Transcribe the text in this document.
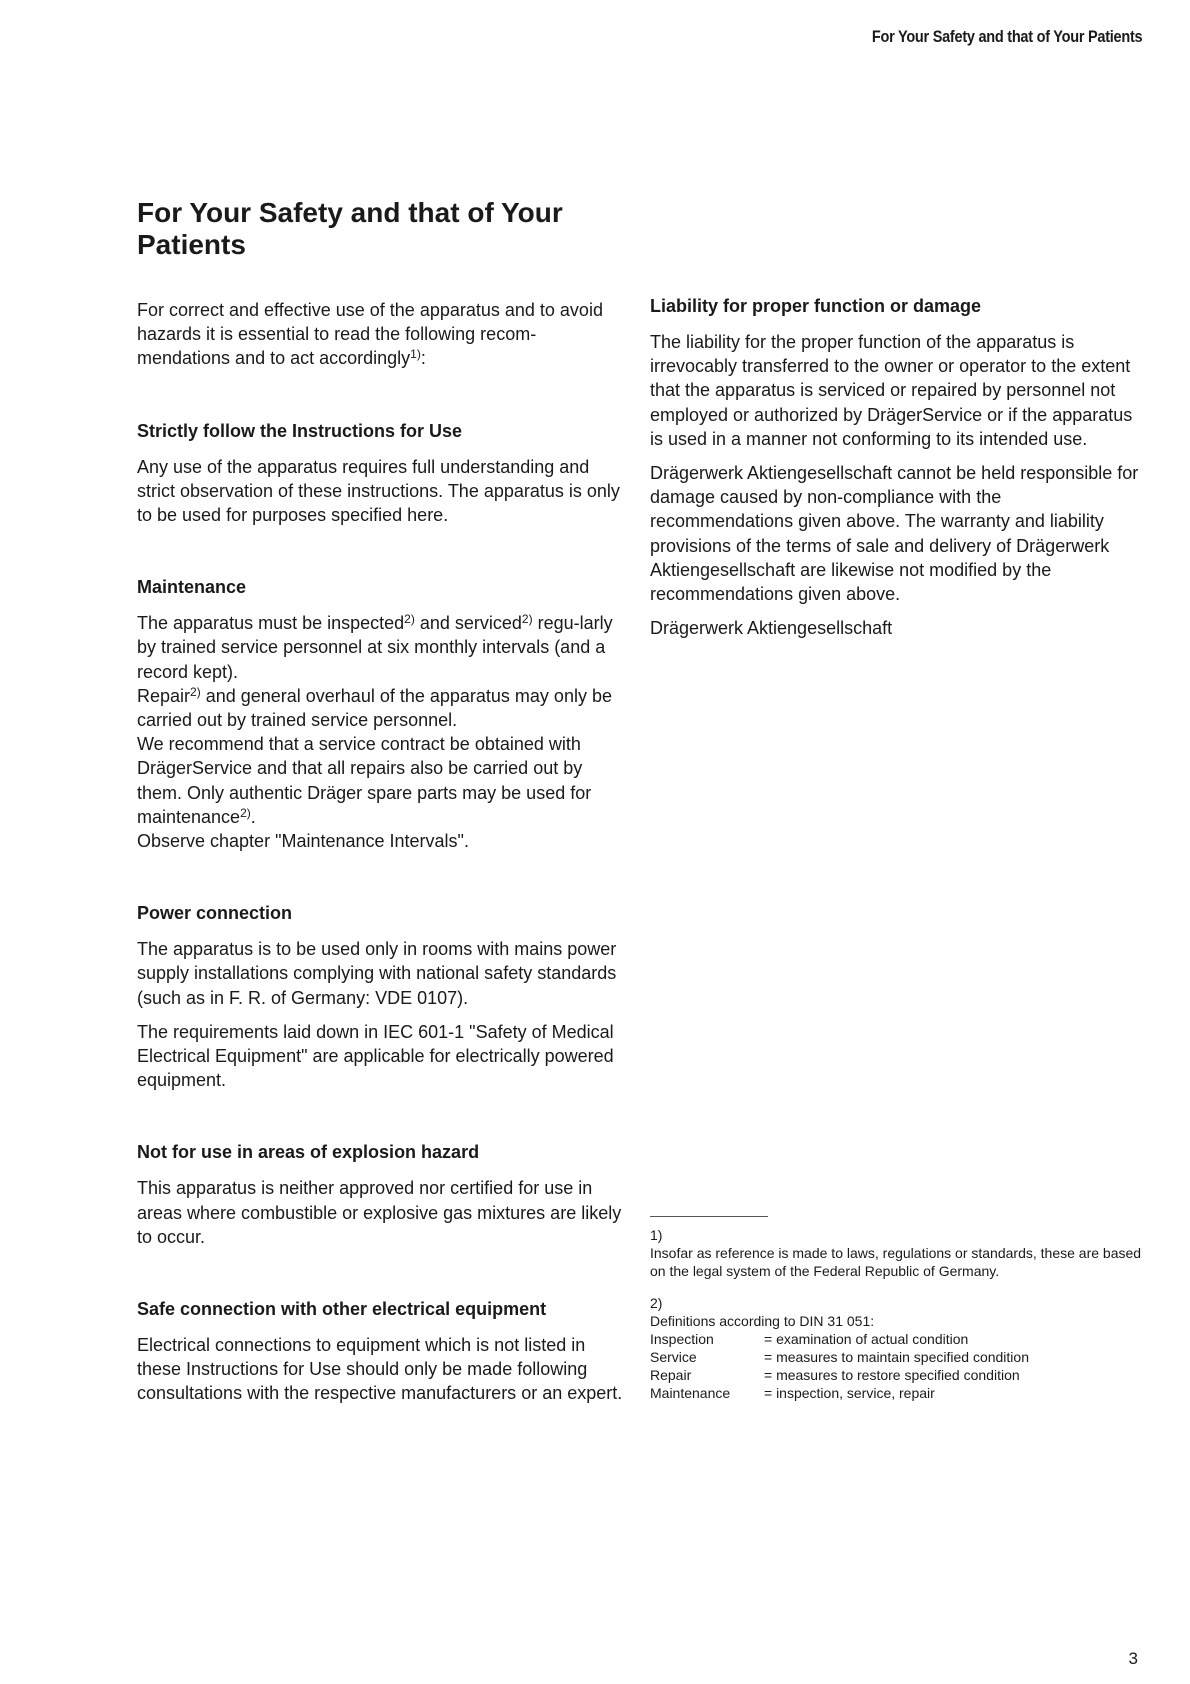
For Your Safety and that of Your Patients
For Your Safety and that of Your Patients

For correct and effective use of the apparatus and to avoid hazards it is essential to read the following recom-mendations and to act accordingly$^{1)}$:

Strictly follow the Instructions for Use

Any use of the apparatus requires full understanding and strict observation of these instructions. The apparatus is only to be used for purposes specified here.

Maintenance

The apparatus must be inspected$^{2)}$ and serviced$^{2)}$ regu-larly by trained service personnel at six monthly intervals (and a record kept).
Repair$^{2)}$ and general overhaul of the apparatus may only be carried out by trained service personnel.
We recommend that a service contract be obtained with DrägerService and that all repairs also be carried out by them. Only authentic Dräger spare parts may be used for maintenance$^{2)}$.
Observe chapter "Maintenance Intervals".

Power connection

The apparatus is to be used only in rooms with mains power supply installations complying with national safety standards (such as in F. R. of Germany: VDE 0107).

The requirements laid down in IEC 601-1 "Safety of Medical Electrical Equipment" are applicable for electrically powered equipment.

Not for use in areas of explosion hazard

This apparatus is neither approved nor certified for use in areas where combustible or explosive gas mixtures are likely to occur.

Safe connection with other electrical equipment

Electrical connections to equipment which is not listed in these Instructions for Use should only be made following consultations with the respective manufacturers or an expert.

Liability for proper function or damage

The liability for the proper function of the apparatus is irrevocably transferred to the owner or operator to the extent that the apparatus is serviced or repaired by personnel not employed or authorized by DrägerService or if the apparatus is used in a manner not conforming to its intended use.

Drägerwerk Aktiengesellschaft cannot be held responsible for damage caused by non-compliance with the recommendations given above. The warranty and liability provisions of the terms of sale and delivery of Drägerwerk Aktiengesellschaft are likewise not modified by the recommendations given above.

Drägerwerk Aktiengesellschaft

1)
Insofar as reference is made to laws, regulations or standards, these are based on the legal system of the Federal Republic of Germany.
2)
Definitions according to DIN 31 051:
Inspection	= examination of actual condition
Service	= measures to maintain specified condition
Repair	= measures to restore specified condition
Maintenance	= inspection, service, repair
3
